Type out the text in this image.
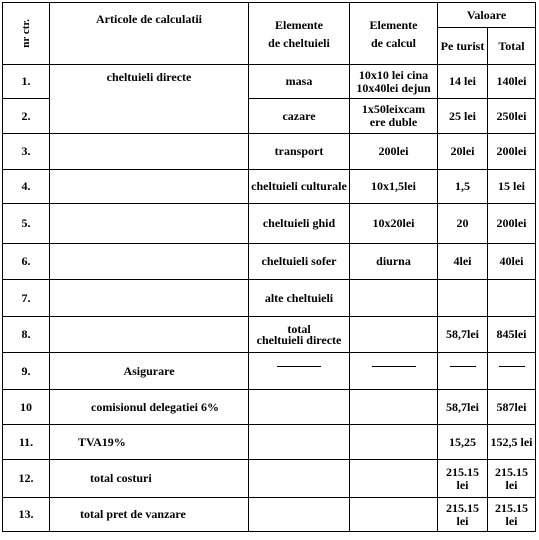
nr ctr.	Articole de calculatii	Elemente
de cheltuieli	Elemente
de calcul	Valoare	
				Pe turist	Total
1.	cheltuieli directe	masa	10x10 lei cina
10x40lei dejun	14 lei	140lei
2.		cazare	1x50leixcam
ere duble	25 lei	250lei
3.		transport	200lei	20lei	200lei
4.		cheltuieli culturale	10x1,5lei	1,5	15 lei
5.		cheltuieli ghid	10x20lei	20	200lei
6.		cheltuieli sofer	diurna	4lei	40lei
7.		alte cheltuieli			
8.		total
cheltuieli directe		58,7lei	845lei
9.	Asigurare				
10	comisionul delegatiei 6%			58,7lei	587lei
11.	TVA19%			15,25	152,5 lei
12.	total costuri			215.15 lei	215.15 lei
13.	total pret de vanzare			215.15 lei	215.15 lei
